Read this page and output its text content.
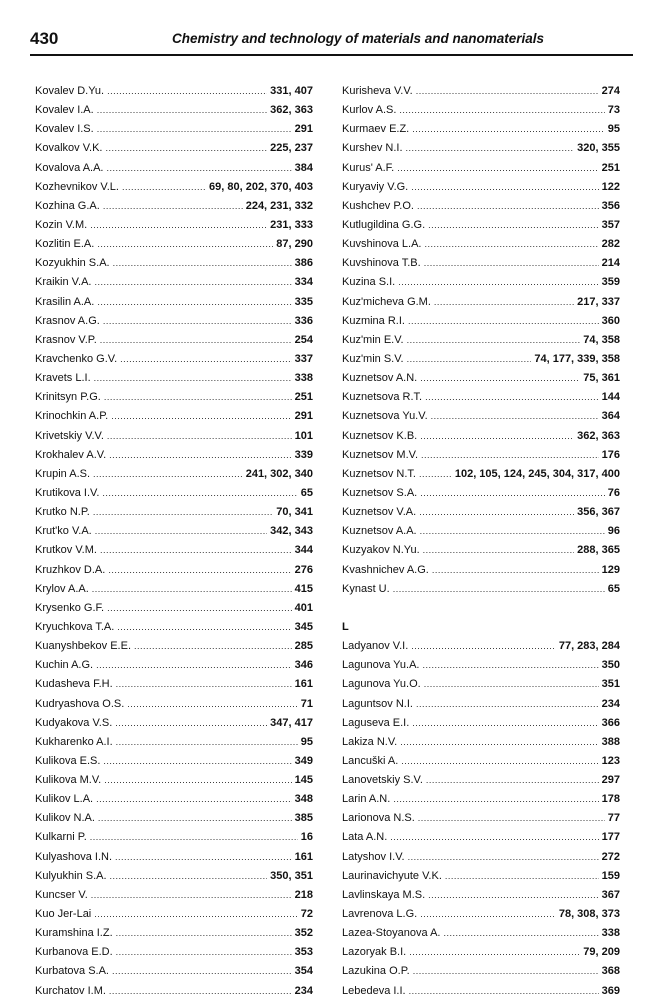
430	Chemistry and technology of materials and nanomaterials
Kovalev D.Yu. .....	331, 407
Kovalev I.A. .....	362, 363
Kovalev I.S. .....	291
Kovalkov V.K. .....	225, 237
Kovalova A.A. .....	384
Kozhevnikov V.L. .....	69, 80, 202, 370, 403
Kozhina G.A. .....	224, 231, 332
Kozin V.M. .....	231, 333
Kozlitin E.A. .....	87, 290
Kozyukhin S.A. .....	386
Kraikin V.A. .....	334
Krasilin A.A. .....	335
Krasnov A.G. .....	336
Krasnov V.P. .....	254
Kravchenko G.V. .....	337
Kravets L.I. .....	338
Krinitsyn P.G. .....	251
Krinochkin A.P. .....	291
Krivetskiy V.V. .....	101
Krokhalev A.V. .....	339
Krupin A.S. .....	241, 302, 340
Krutikova I.V. .....	65
Krutko N.P. .....	70, 341
Krut'ko V.A. .....	342, 343
Krutkov V.M. .....	344
Kruzhkov D.A. .....	276
Krylov A.A. .....	415
Krysenko G.F. .....	401
Kryuchkova T.A. .....	345
Kuanyshbekov E.E. .....	285
Kuchin A.G. .....	346
Kudasheva F.H. .....	161
Kudryashova O.S. .....	71
Kudyakova V.S. .....	347, 417
Kukharenko A.I. .....	95
Kulikova E.S. .....	349
Kulikova M.V. .....	145
Kulikov L.A. .....	348
Kulikov N.A. .....	385
Kulkarni P. .....	16
Kulyashova I.N. .....	161
Kulyukhin S.A. .....	350, 351
Kuncser V. .....	218
Kuo Jer-Lai .....	72
Kuramshina I.Z. .....	352
Kurbanova E.D. .....	353
Kurbatova S.A. .....	354
Kurchatov I.M. .....	234
Kurisheva V.V. .....	274
Kurlov A.S. .....	73
Kurmaev E.Z. .....	95
Kurshev N.I. .....	320, 355
Kurus' A.F. .....	251
Kuryaviy V.G. .....	122
Kushchev P.O. .....	356
Kutlugildina G.G. .....	357
Kuvshinova L.A. .....	282
Kuvshinova T.B. .....	214
Kuzina S.I. .....	359
Kuz'micheva G.M. .....	217, 337
Kuzmina R.I. .....	360
Kuz'min E.V. .....	74, 358
Kuz'min S.V. .....	74, 177, 339, 358
Kuznetsov A.N. .....	75, 361
Kuznetsova R.T. .....	144
Kuznetsova Yu.V. .....	364
Kuznetsov K.B. .....	362, 363
Kuznetsov M.V. .....	176
Kuznetsov N.T. .....	102, 105, 124, 245, 304, 317, 400
Kuznetsov S.A. .....	76
Kuznetsov V.A. .....	356, 367
Kuznetsov A.A. .....	96
Kuzyakov N.Yu. .....	288, 365
Kvashnichev A.G. .....	129
Kynast U. .....	65
L
Ladyanov V.I. .....	77, 283, 284
Lagunova Yu.A. .....	350
Lagunova Yu.O. .....	351
Laguntsov N.I. .....	234
Laguseva E.I. .....	366
Lakiza N.V. .....	388
Lancuški A. .....	123
Lanovetskiy S.V. .....	297
Larin A.N. .....	178
Larionova N.S. .....	77
Lata A.N. .....	177
Latyshov I.V. .....	272
Laurinavichyute V.K. .....	159
Lavlinskaya M.S. .....	367
Lavrenova L.G. .....	78, 308, 373
Lazea-Stoyanova A. .....	338
Lazoryak B.I. .....	79, 209
Lazukina O.P. .....	368
Lebedeva I.I. .....	369
